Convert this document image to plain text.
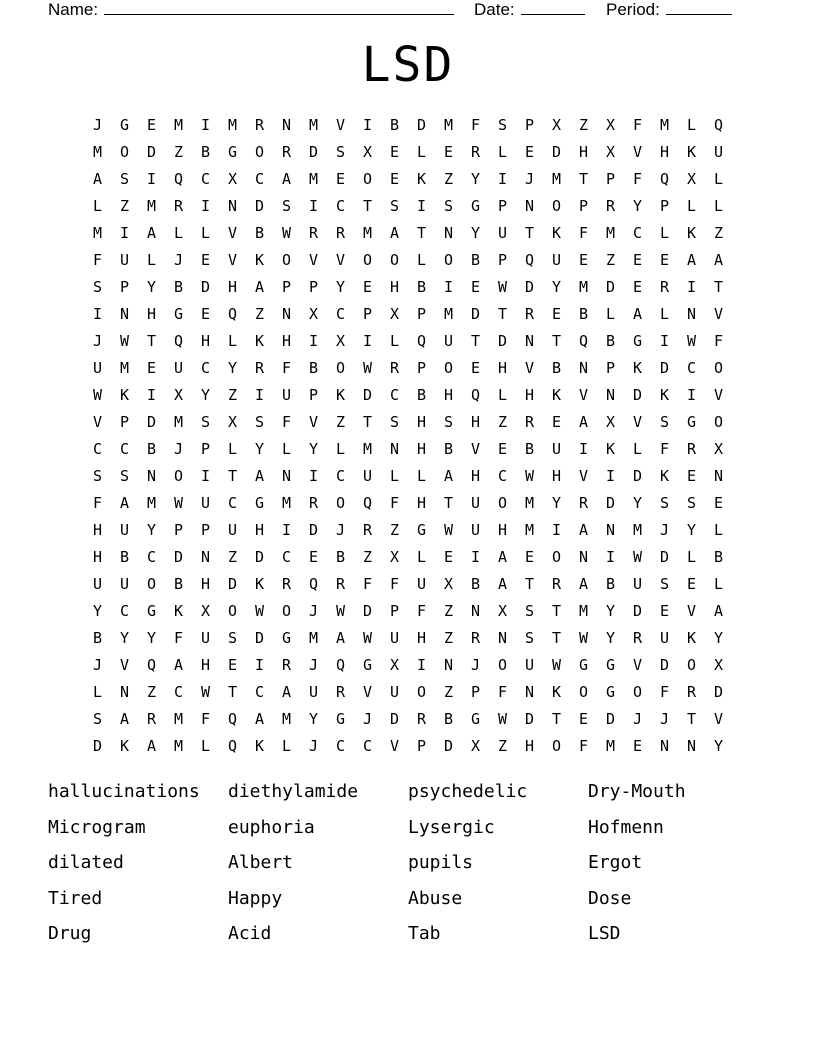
Name:	Date:	Period:
LSD
J	G	E	M	I	M	R	N	M	V	I	B	D	M	F	S	P	X	Z	X	F	M	L	Q
M	O	D	Z	B	G	O	R	D	S	X	E	L	E	R	L	E	D	H	X	V	H	K	U
A	S	I	Q	C	X	C	A	M	E	O	E	K	Z	Y	I	J	M	T	P	F	Q	X	L
L	Z	M	R	I	N	D	S	I	C	T	S	I	S	G	P	N	O	P	R	Y	P	L	L
M	I	A	L	L	V	B	W	R	R	M	A	T	N	Y	U	T	K	F	M	C	L	K	Z
F	U	L	J	E	V	K	O	V	V	O	O	L	O	B	P	Q	U	E	Z	E	E	A	A
S	P	Y	B	D	H	A	P	P	Y	E	H	B	I	E	W	D	Y	M	D	E	R	I	T
I	N	H	G	E	Q	Z	N	X	C	P	X	P	M	D	T	R	E	B	L	A	L	N	V
J	W	T	Q	H	L	K	H	I	X	I	L	Q	U	T	D	N	T	Q	B	G	I	W	F
U	M	E	U	C	Y	R	F	B	O	W	R	P	O	E	H	V	B	N	P	K	D	C	O
W	K	I	X	Y	Z	I	U	P	K	D	C	B	H	Q	L	H	K	V	N	D	K	I	V
V	P	D	M	S	X	S	F	V	Z	T	S	H	S	H	Z	R	E	A	X	V	S	G	O
C	C	B	J	P	L	Y	L	Y	L	M	N	H	B	V	E	B	U	I	K	L	F	R	X
S	S	N	O	I	T	A	N	I	C	U	L	L	A	H	C	W	H	V	I	D	K	E	N
F	A	M	W	U	C	G	M	R	O	Q	F	H	T	U	O	M	Y	R	D	Y	S	S	E
H	U	Y	P	P	U	H	I	D	J	R	Z	G	W	U	H	M	I	A	N	M	J	Y	L
H	B	C	D	N	Z	D	C	E	B	Z	X	L	E	I	A	E	O	N	I	W	D	L	B
U	U	O	B	H	D	K	R	Q	R	F	F	U	X	B	A	T	R	A	B	U	S	E	L
Y	C	G	K	X	O	W	O	J	W	D	P	F	Z	N	X	S	T	M	Y	D	E	V	A
B	Y	Y	F	U	S	D	G	M	A	W	U	H	Z	R	N	S	T	W	Y	R	U	K	Y
J	V	Q	A	H	E	I	R	J	Q	G	X	I	N	J	O	U	W	G	G	V	D	O	X
L	N	Z	C	W	T	C	A	U	R	V	U	O	Z	P	F	N	K	O	G	O	F	R	D
S	A	R	M	F	Q	A	M	Y	G	J	D	R	B	G	W	D	T	E	D	J	J	T	V
D	K	A	M	L	Q	K	L	J	C	C	V	P	D	X	Z	H	O	F	M	E	N	N	Y
hallucinations	diethylamide	psychedelic	Dry-Mouth
Microgram	euphoria	Lysergic	Hofmenn
dilated	Albert	pupils	Ergot
Tired	Happy	Abuse	Dose
Drug	Acid	Tab	LSD
